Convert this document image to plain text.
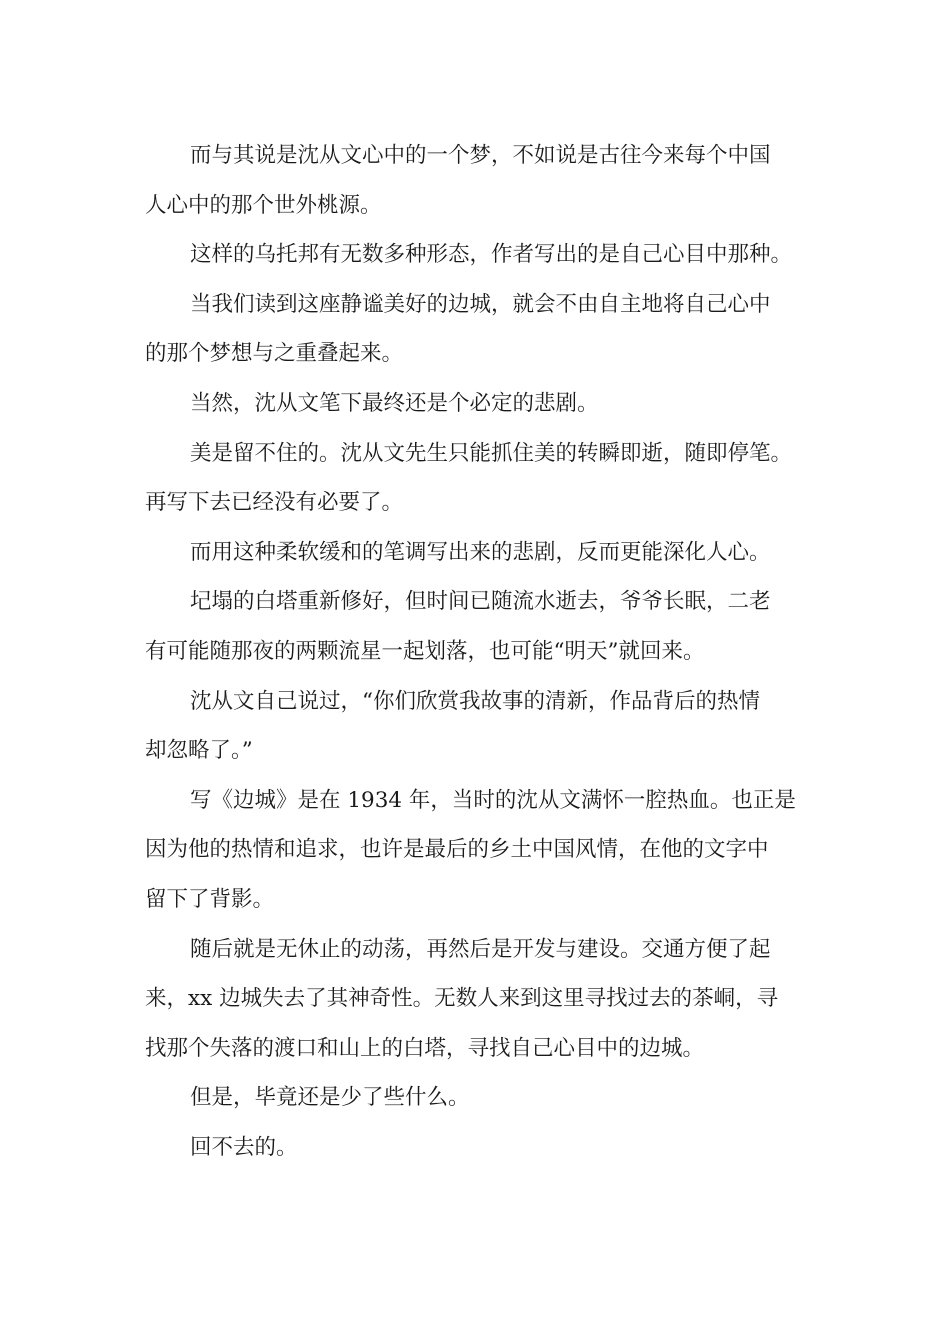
而与其说是沈从文心中的一个梦，不如说是古往今来每个中国
人心中的那个世外桃源。
这样的乌托邦有无数多种形态，作者写出的是自己心目中那种。
当我们读到这座静谧美好的边城，就会不由自主地将自己心中
的那个梦想与之重叠起来。
当然，沈从文笔下最终还是个必定的悲剧。
美是留不住的。沈从文先生只能抓住美的转瞬即逝，随即停笔。
再写下去已经没有必要了。
而用这种柔软缓和的笔调写出来的悲剧，反而更能深化人心。
圮塌的白塔重新修好，但时间已随流水逝去，爷爷长眠，二老
有可能随那夜的两颗流星一起划落，也可能“明天”就回来。
沈从文自己说过，“你们欣赏我故事的清新，作品背后的热情
却忽略了。”
写《边城》是在 1934 年，当时的沈从文满怀一腔热血。也正是
因为他的热情和追求，也许是最后的乡土中国风情，在他的文字中
留下了背影。
随后就是无休止的动荡，再然后是开发与建设。交通方便了起
来，xx 边城失去了其神奇性。无数人来到这里寻找过去的茶峒，寻
找那个失落的渡口和山上的白塔，寻找自己心目中的边城。
但是，毕竟还是少了些什么。
回不去的。
